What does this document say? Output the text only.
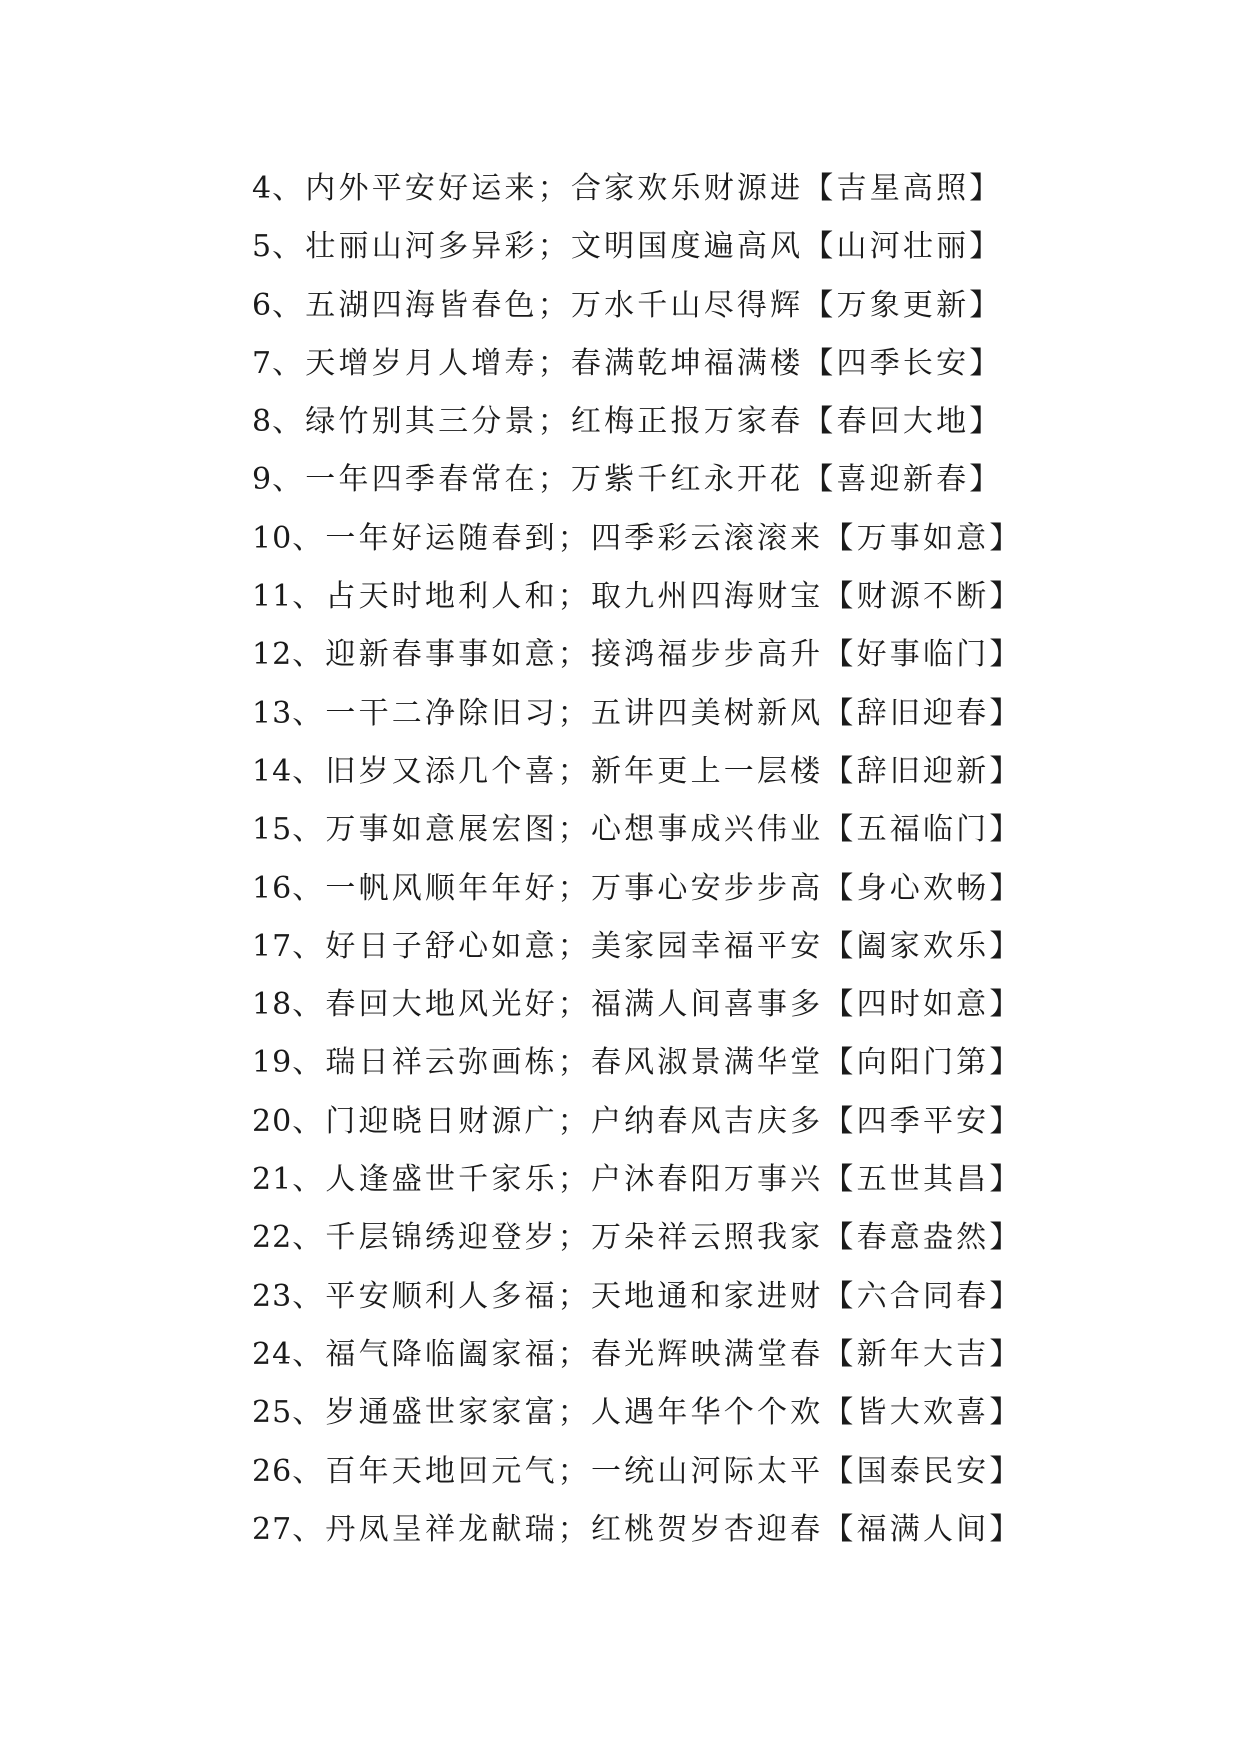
4、内外平安好运来；合家欢乐财源进【吉星高照】
5、壮丽山河多异彩；文明国度遍高风【山河壮丽】
6、五湖四海皆春色；万水千山尽得辉【万象更新】
7、天增岁月人增寿；春满乾坤福满楼【四季长安】
8、绿竹别其三分景；红梅正报万家春【春回大地】
9、一年四季春常在；万紫千红永开花【喜迎新春】
10、一年好运随春到；四季彩云滚滚来【万事如意】
11、占天时地利人和；取九州四海财宝【财源不断】
12、迎新春事事如意；接鸿福步步高升【好事临门】
13、一干二净除旧习；五讲四美树新风【辞旧迎春】
14、旧岁又添几个喜；新年更上一层楼【辞旧迎新】
15、万事如意展宏图；心想事成兴伟业【五福临门】
16、一帆风顺年年好；万事心安步步高【身心欢畅】
17、好日子舒心如意；美家园幸福平安【阖家欢乐】
18、春回大地风光好；福满人间喜事多【四时如意】
19、瑞日祥云弥画栋；春风淑景满华堂【向阳门第】
20、门迎晓日财源广；户纳春风吉庆多【四季平安】
21、人逢盛世千家乐；户沐春阳万事兴【五世其昌】
22、千层锦绣迎登岁；万朵祥云照我家【春意盎然】
23、平安顺利人多福；天地通和家进财【六合同春】
24、福气降临阖家福；春光辉映满堂春【新年大吉】
25、岁通盛世家家富；人遇年华个个欢【皆大欢喜】
26、百年天地回元气；一统山河际太平【国泰民安】
27、丹凤呈祥龙献瑞；红桃贺岁杏迎春【福满人间】
